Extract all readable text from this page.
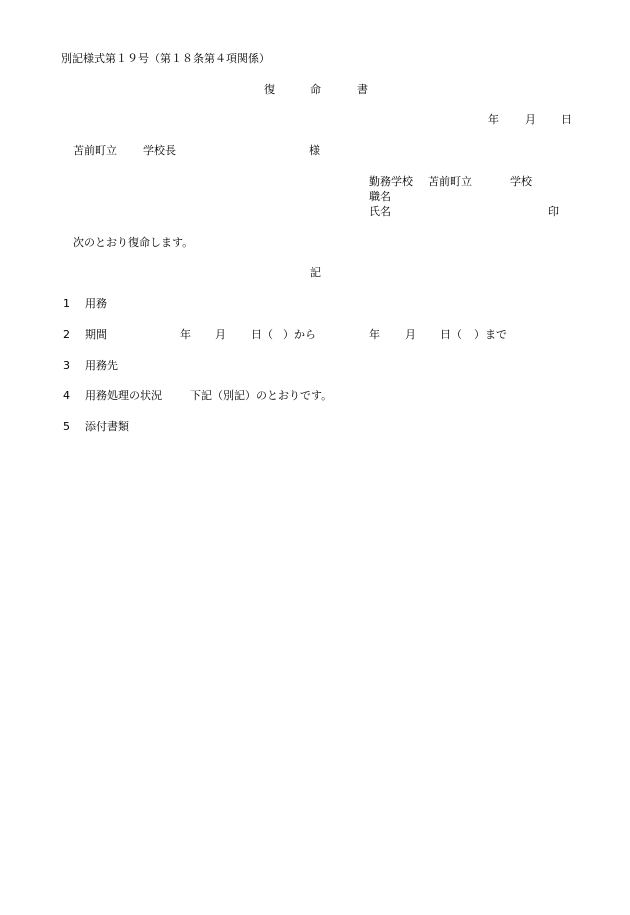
別記様式第１９号（第１８条第４項関係）
復	命	書
年 月 日
苫前町立 学校長	様
勤務学校 苫前町立	学校
職名
氏名	印
次のとおり復命します。
記
1 用務
2 期間	年 月 日（ ）から	年 月 日（ ）まで
3 用務先
4 用務処理の状況	下記（別記）のとおりです。
5 添付書類
